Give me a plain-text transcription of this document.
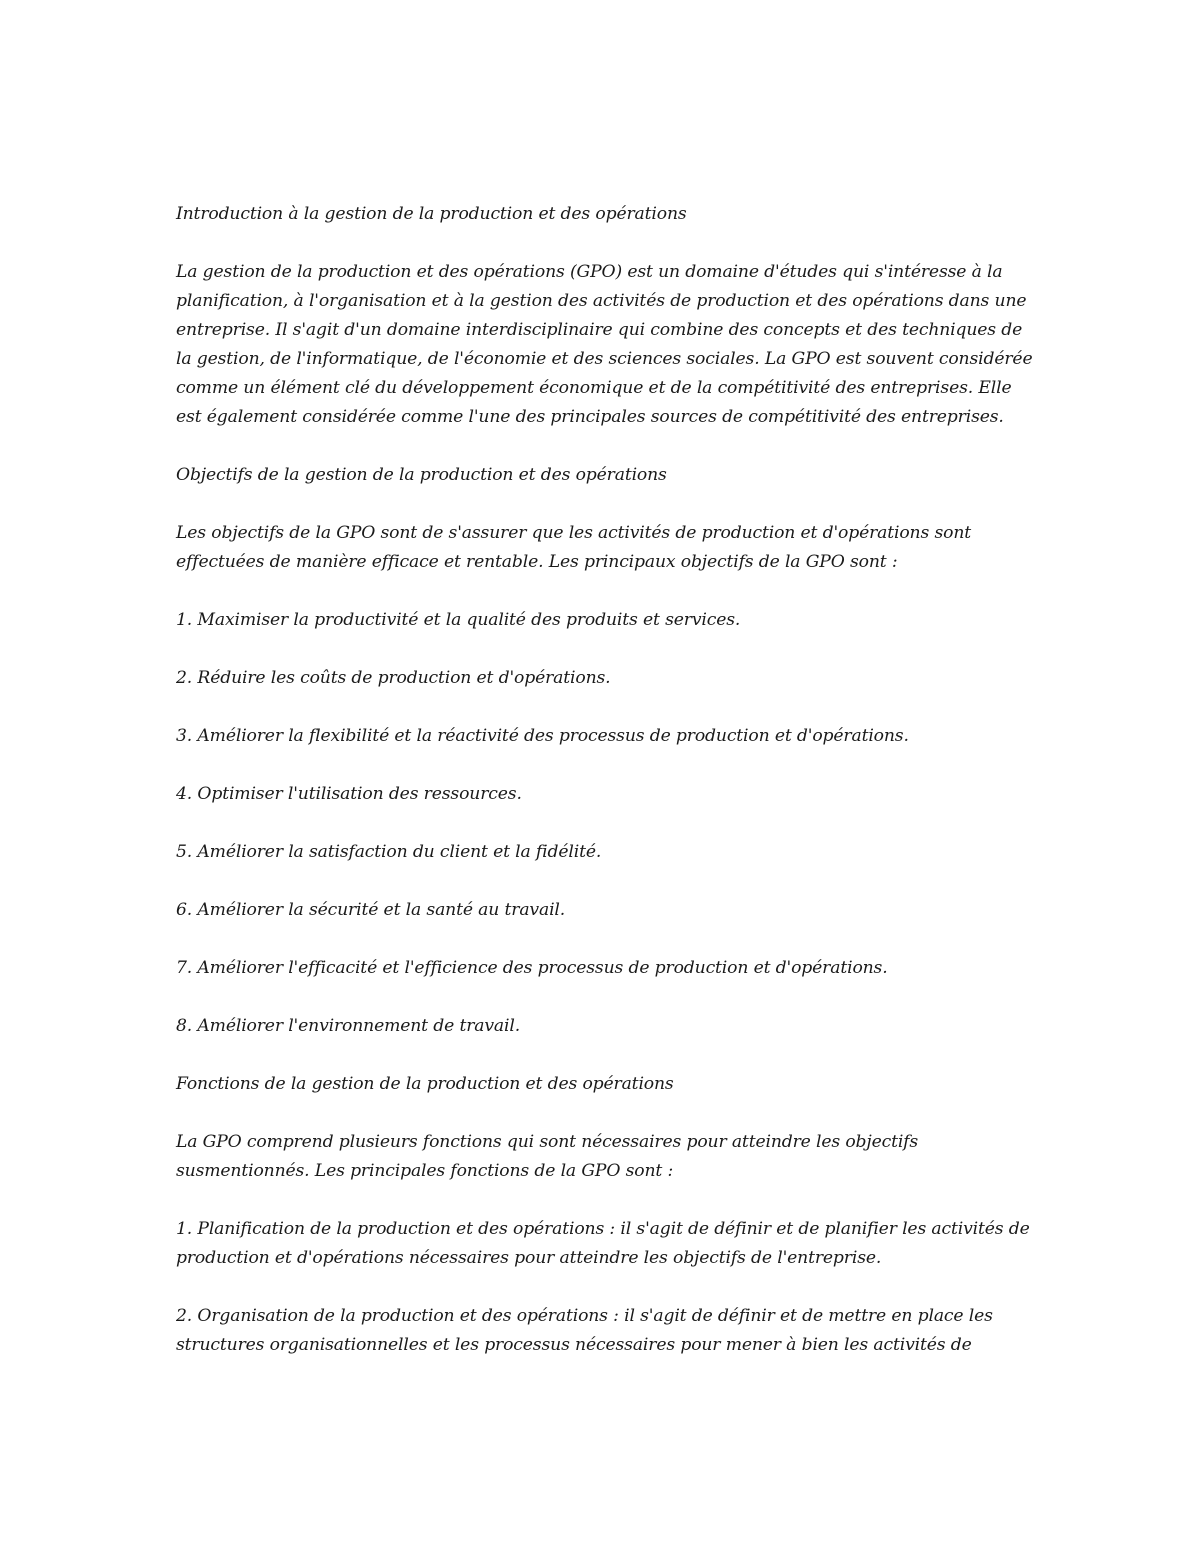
Introduction à la gestion de la production et des opérations

La gestion de la production et des opérations (GPO) est un domaine d'études qui s'intéresse à la planification, à l'organisation et à la gestion des activités de production et des opérations dans une entreprise. Il s'agit d'un domaine interdisciplinaire qui combine des concepts et des techniques de la gestion, de l'informatique, de l'économie et des sciences sociales. La GPO est souvent considérée comme un élément clé du développement économique et de la compétitivité des entreprises. Elle est également considérée comme l'une des principales sources de compétitivité des entreprises.

Objectifs de la gestion de la production et des opérations

Les objectifs de la GPO sont de s'assurer que les activités de production et d'opérations sont effectuées de manière efficace et rentable. Les principaux objectifs de la GPO sont :

1. Maximiser la productivité et la qualité des produits et services.

2. Réduire les coûts de production et d'opérations.

3. Améliorer la flexibilité et la réactivité des processus de production et d'opérations.

4. Optimiser l'utilisation des ressources.

5. Améliorer la satisfaction du client et la fidélité.

6. Améliorer la sécurité et la santé au travail.

7. Améliorer l'efficacité et l'efficience des processus de production et d'opérations.

8. Améliorer l'environnement de travail.

Fonctions de la gestion de la production et des opérations

La GPO comprend plusieurs fonctions qui sont nécessaires pour atteindre les objectifs susmentionnés. Les principales fonctions de la GPO sont :

1. Planification de la production et des opérations : il s'agit de définir et de planifier les activités de production et d'opérations nécessaires pour atteindre les objectifs de l'entreprise.

2. Organisation de la production et des opérations : il s'agit de définir et de mettre en place les structures organisationnelles et les processus nécessaires pour mener à bien les activités de
